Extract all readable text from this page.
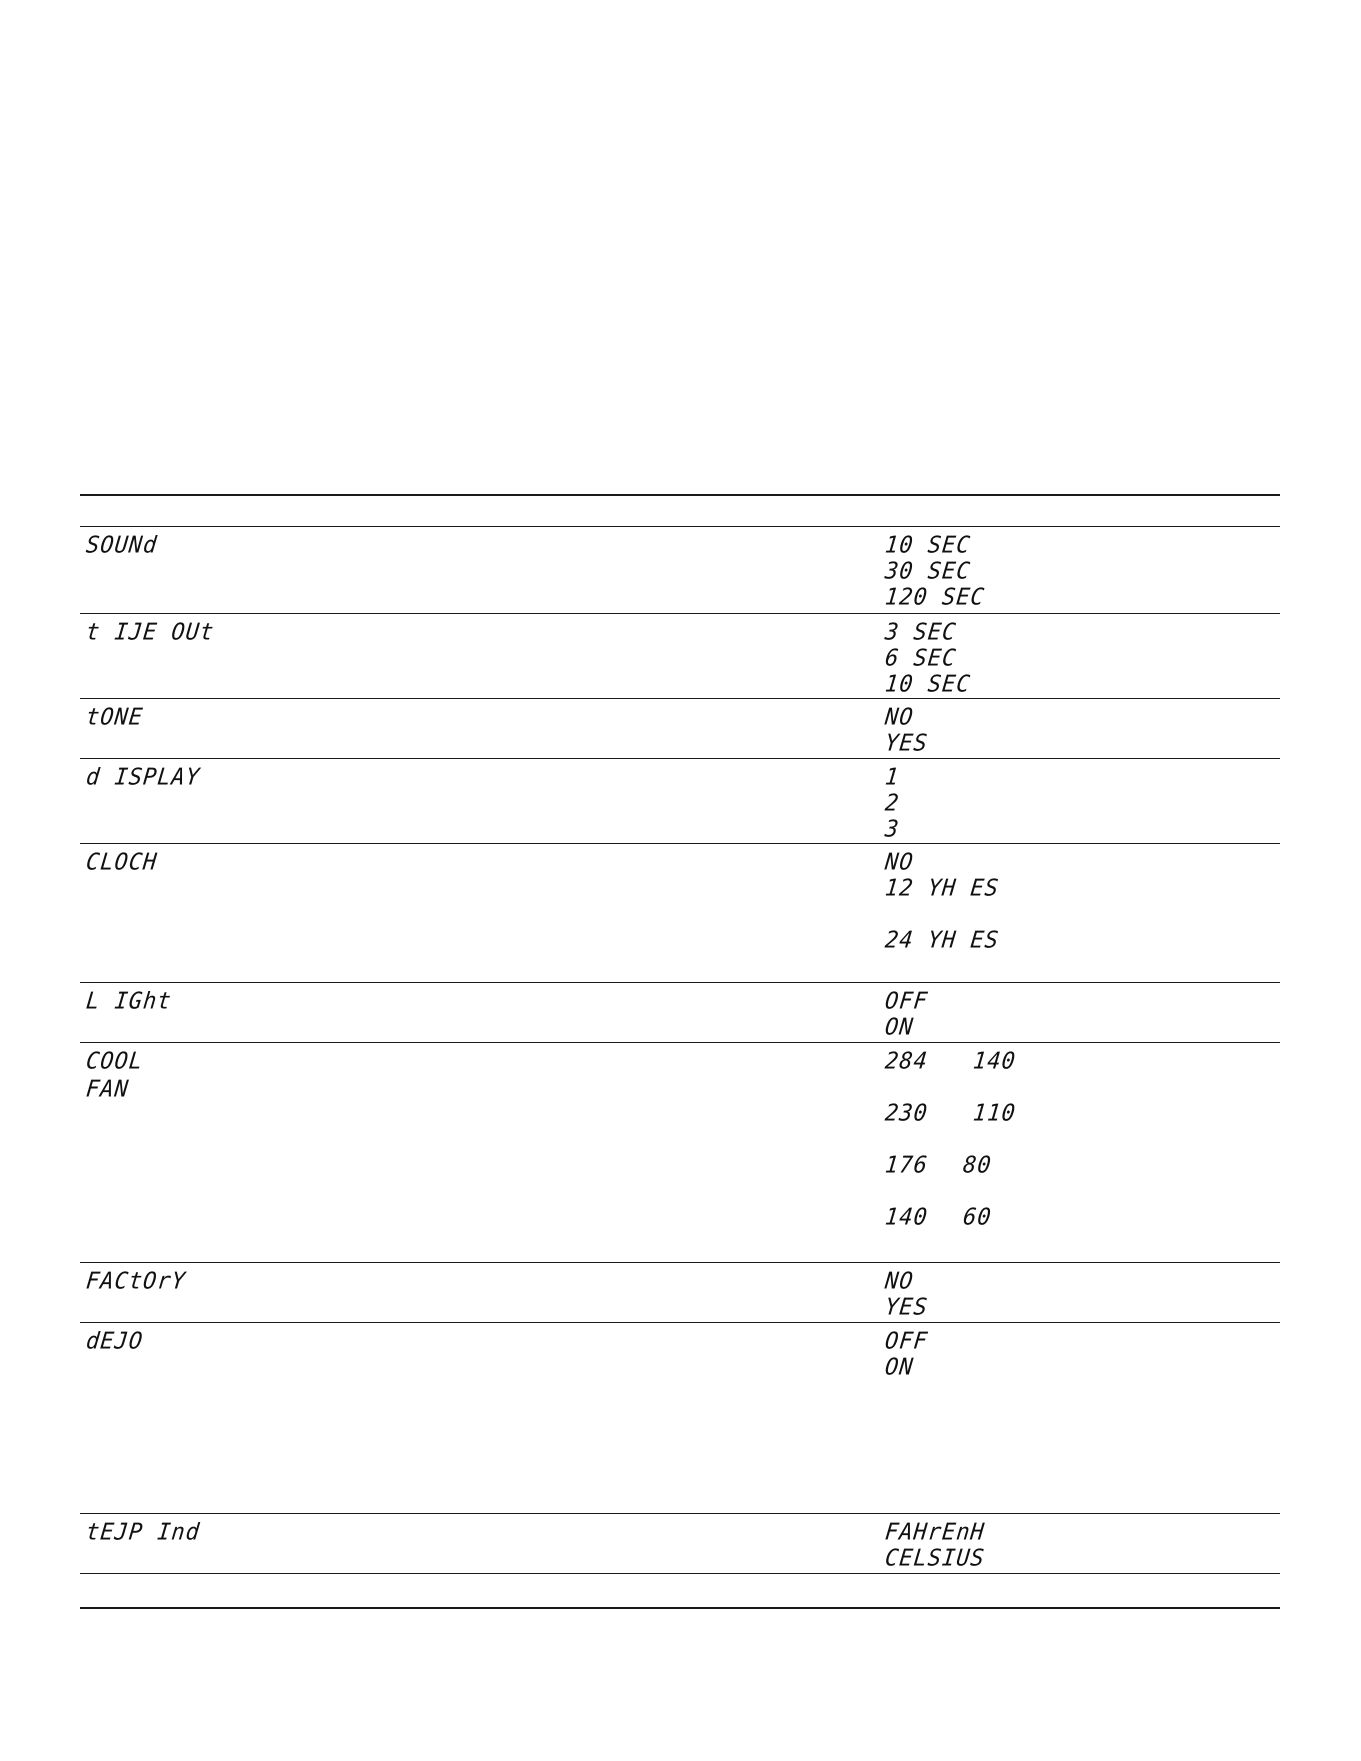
SOUNd	10 SEC
30 SEC
120 SEC
t IJE OUt	3 SEC
6 SEC
10 SEC
tONE	NO
YES
d ISPLAY	1
2
3
CLOCH	NO
12 YH ES
24 YH ES
L IGht	OFF
ON
COOL
FAN
284 140
230 110
176 80
140 60
FACtOrY	NO
YES
dEJO	OFF
ON
tEJP Ind	FAHrEnH
CELSIUS
